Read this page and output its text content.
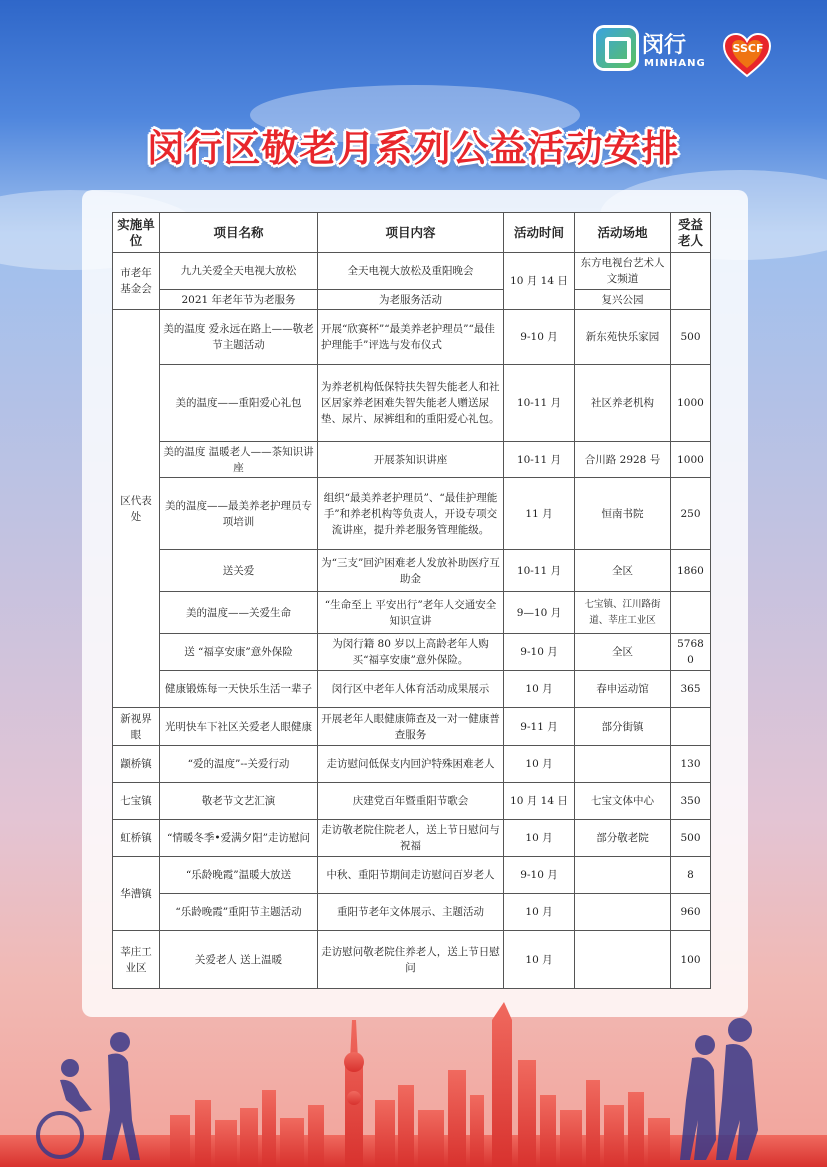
闵行
MINHANG
SSCF
闵行区敬老月系列公益活动安排
实施单位	项目名称	项目内容	活动时间	活动场地	受益老人
市老年基金会	九九关爱全天电视大放松	全天电视大放松及重阳晚会	10 月 14 日	东方电视台艺术人文频道	
	2021 年老年节为老服务	为老服务活动		复兴公园	
区代表处	美的温度 爱永远在路上——敬老节主题活动	开展“欣赛杯”“最美养老护理员”“最佳护理能手”评选与发布仪式	9-10 月	新东苑快乐家园	500
	美的温度——重阳爱心礼包	为养老机构低保特扶失智失能老人和社区居家养老困难失智失能老人赠送尿垫、尿片、尿裤组和的重阳爱心礼包。	10-11 月	社区养老机构	1000
	美的温度 温暖老人——茶知识讲座	开展茶知识讲座	10-11 月	合川路 2928 号	1000
	美的温度——最美养老护理员专项培训	组织“最美养老护理员”、“最佳护理能手”和养老机构等负责人，开设专项交流讲座，提升养老服务管理能级。	11 月	恒南书院	250
	送关爱	为“三支”回沪困难老人发放补助医疗互助金	10-11 月	全区	1860
	美的温度——关爱生命	“生命至上 平安出行”老年人交通安全知识宣讲	9—10 月	七宝镇、江川路街道、莘庄工业区	
	送 “福享安康”意外保险	为闵行籍 80 岁以上高龄老年人购买“福享安康”意外保险。	9-10 月	全区	57680
	健康锻炼每一天快乐生活一辈子	闵行区中老年人体育活动成果展示	10 月	春申运动馆	365
新视界眼	光明快车下社区关爱老人眼健康	开展老年人眼健康筛查及一对一健康普查服务	9-11 月	部分街镇	
颛桥镇	“爱的温度”--关爱行动	走访慰问低保支内回沪特殊困难老人	10 月		130
七宝镇	敬老节文艺汇演	庆建党百年暨重阳节歌会	10 月 14 日	七宝文体中心	350
虹桥镇	“情暖冬季•爱满夕阳”走访慰问	走访敬老院住院老人，送上节日慰问与祝福	10 月	部分敬老院	500
华漕镇	“乐龄晚霞”温暖大放送	中秋、重阳节期间走访慰问百岁老人	9-10 月		8
	“乐龄晚霞”重阳节主题活动	重阳节老年文体展示、主题活动	10 月		960
莘庄工业区	关爱老人 送上温暖	走访慰问敬老院住养老人，送上节日慰问	10 月		100
